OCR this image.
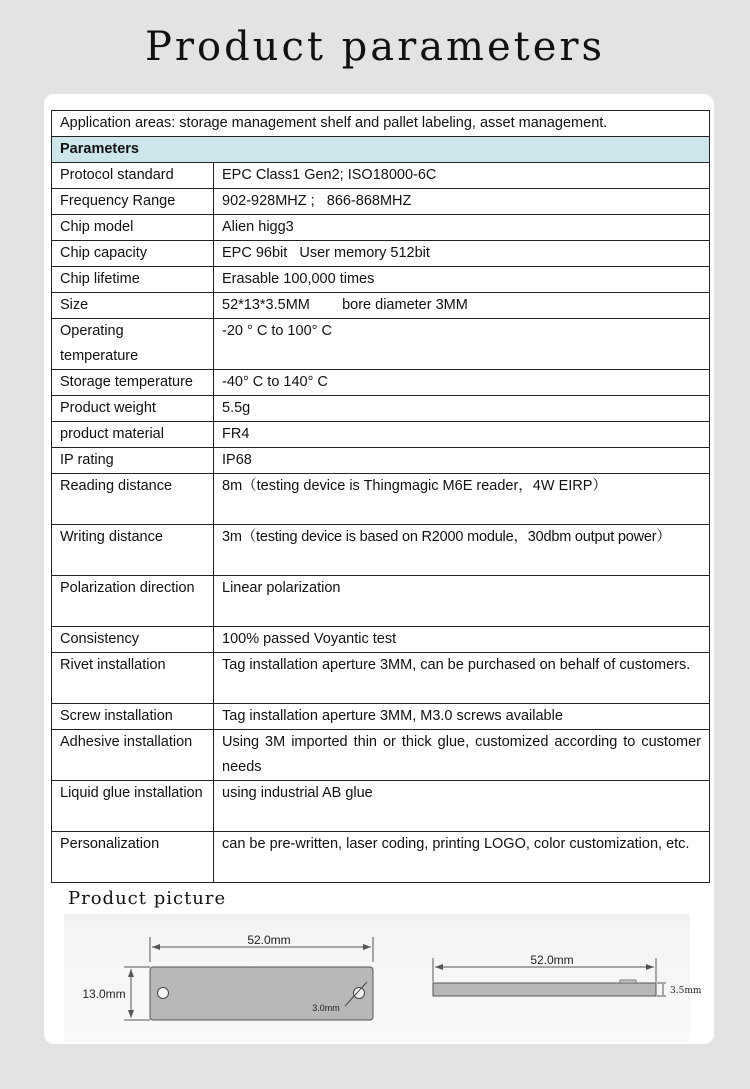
Product parameters
Application areas: storage management shelf and pallet labeling, asset management.	
Parameters	
Protocol standard	EPC Class1 Gen2; ISO18000-6C
Frequency Range	902-928MHZ ;   866-868MHZ
Chip model	Alien higg3
Chip capacity	EPC 96bit   User memory 512bit
Chip lifetime	Erasable 100,000 times
Size	52*13*3.5MM        bore diameter 3MM
Operating temperature	-20 ° C to 100° C
Storage temperature	-40° C to 140° C
Product weight	5.5g
product material	FR4
IP rating	IP68
Reading distance	8m（testing device is Thingmagic M6E reader，4W EIRP）
Writing distance	3m（testing device is based on R2000 module，30dbm output power）
Polarization direction	Linear polarization
Consistency	100% passed Voyantic test
Rivet installation	Tag installation aperture 3MM, can be purchased on behalf of customers.
Screw installation	Tag installation aperture 3MM, M3.0 screws available
Adhesive installation	Using 3M imported thin or thick glue, customized according to customer needs
Liquid glue installation	using industrial AB glue
Personalization	can be pre-written, laser coding, printing LOGO, color customization, etc.
Product picture
52.0mm
13.0mm
3.0mm
52.0mm
3.5mm
